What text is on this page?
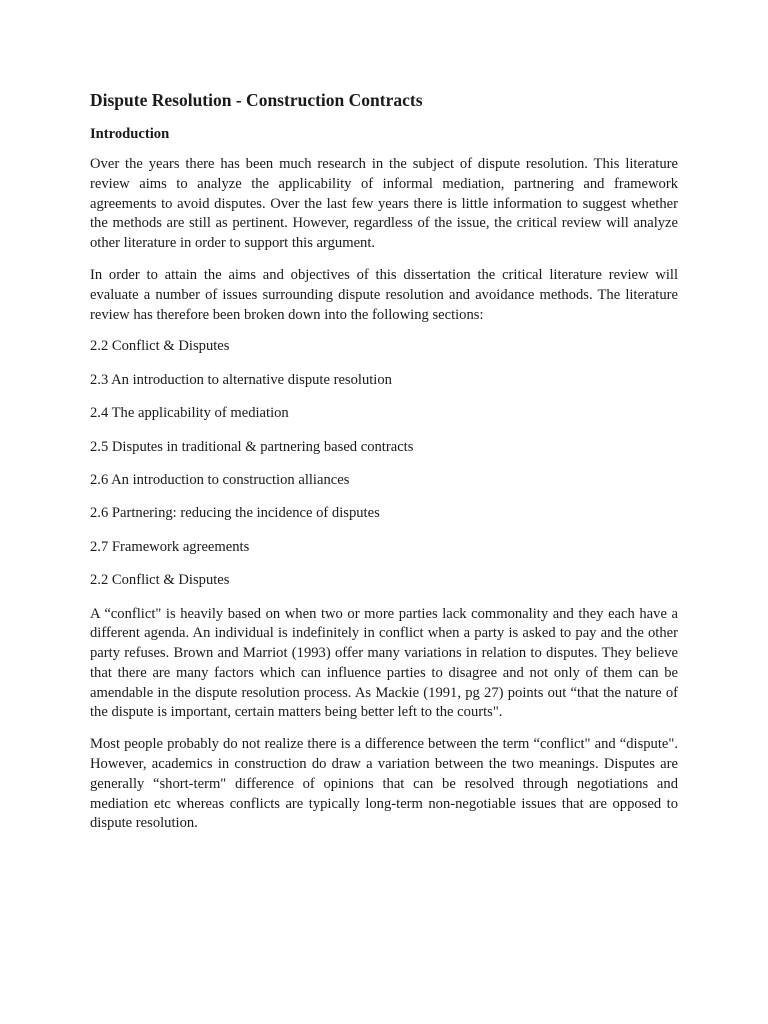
Dispute Resolution - Construction Contracts
Introduction

Over the years there has been much research in the subject of dispute resolution. This literature review aims to analyze the applicability of informal mediation, partnering and framework agreements to avoid disputes. Over the last few years there is little information to suggest whether the methods are still as pertinent. However, regardless of the issue, the critical review will analyze other literature in order to support this argument.

In order to attain the aims and objectives of this dissertation the critical literature review will evaluate a number of issues surrounding dispute resolution and avoidance methods. The literature review has therefore been broken down into the following sections:

2.2 Conflict & Disputes
2.3 An introduction to alternative dispute resolution
2.4 The applicability of mediation
2.5 Disputes in traditional & partnering based contracts
2.6 An introduction to construction alliances
2.6 Partnering: reducing the incidence of disputes
2.7 Framework agreements
2.2 Conflict & Disputes

A “conflict" is heavily based on when two or more parties lack commonality and they each have a different agenda. An individual is indefinitely in conflict when a party is asked to pay and the other party refuses. Brown and Marriot (1993) offer many variations in relation to disputes. They believe that there are many factors which can influence parties to disagree and not only of them can be amendable in the dispute resolution process. As Mackie (1991, pg 27) points out “that the nature of the dispute is important, certain matters being better left to the courts".

Most people probably do not realize there is a difference between the term “conflict" and “dispute". However, academics in construction do draw a variation between the two meanings. Disputes are generally “short-term" difference of opinions that can be resolved through negotiations and mediation etc whereas conflicts are typically long-term non-negotiable issues that are opposed to dispute resolution.
